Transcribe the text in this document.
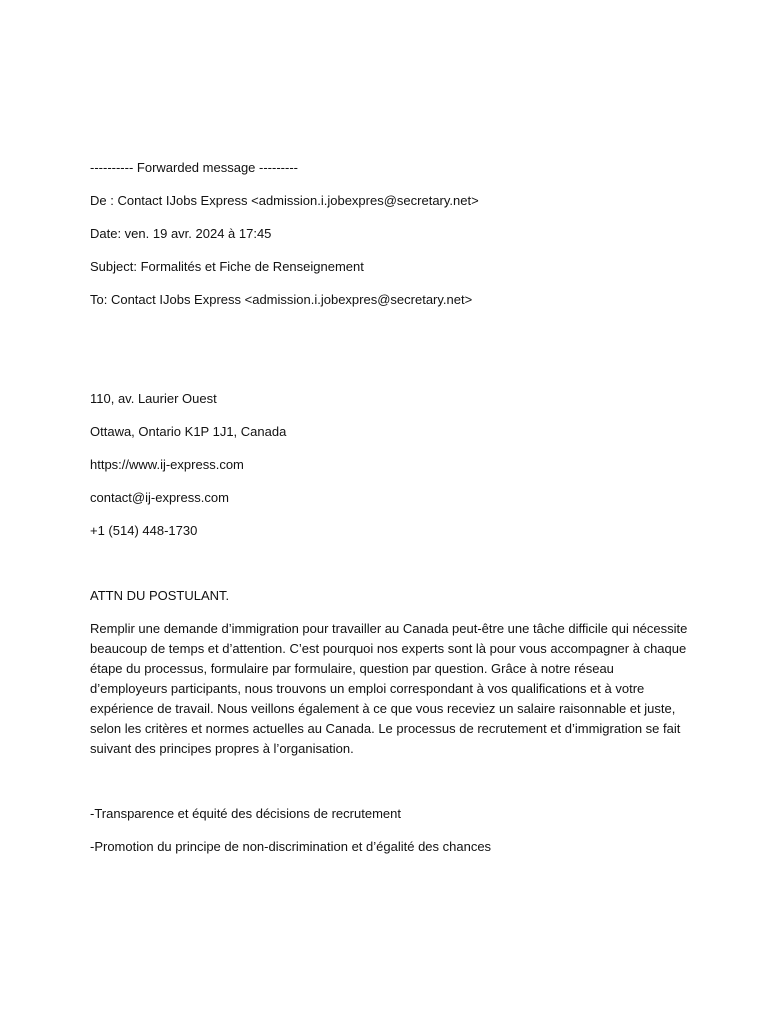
---------- Forwarded message ---------

De : Contact IJobs Express <admission.i.jobexpres@secretary.net>

Date: ven. 19 avr. 2024 à 17:45

Subject: Formalités et Fiche de Renseignement

To: Contact IJobs Express <admission.i.jobexpres@secretary.net>

110, av. Laurier Ouest

Ottawa, Ontario K1P 1J1, Canada

https://www.ij-express.com

contact@ij-express.com

+1 (514) 448-1730

ATTN DU POSTULANT.

Remplir une demande d’immigration pour travailler au Canada peut-être une tâche difficile qui nécessite beaucoup de temps et d’attention. C’est pourquoi nos experts sont là pour vous accompagner à chaque étape du processus, formulaire par formulaire, question par question. Grâce à notre réseau d’employeurs participants, nous trouvons un emploi correspondant à vos qualifications et à votre expérience de travail. Nous veillons également à ce que vous receviez un salaire raisonnable et juste, selon les critères et normes actuelles au Canada. Le processus de recrutement et d’immigration se fait suivant des principes propres à l’organisation.

-Transparence et équité des décisions de recrutement

-Promotion du principe de non-discrimination et d’égalité des chances
